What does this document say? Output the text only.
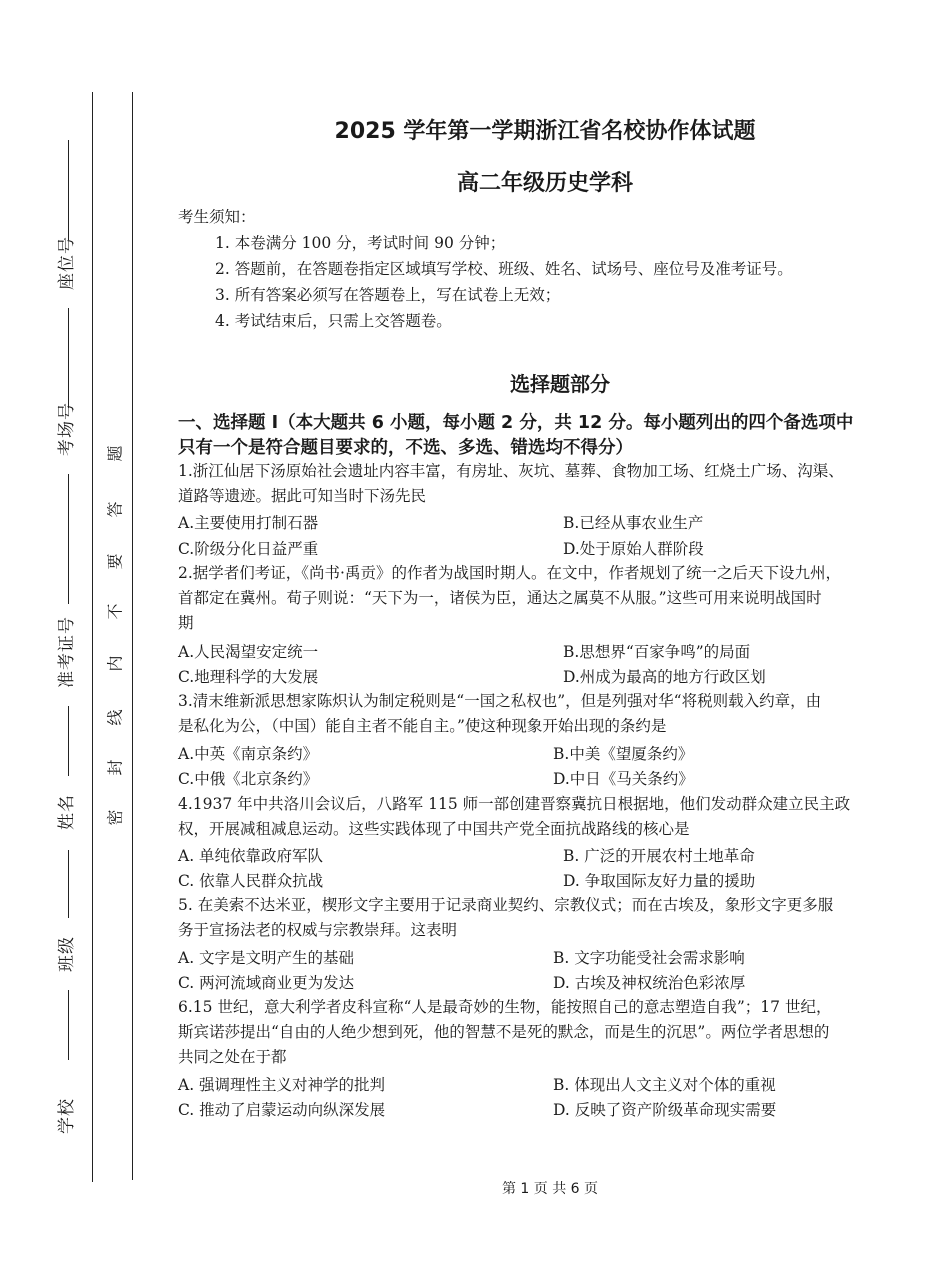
座位号
考场号
准考证号
姓名
班级
学校
题
答
要
不
内
线
封
密
2025 学年第一学期浙江省名校协作体试题
高二年级历史学科
考生须知：
1. 本卷满分 100 分，考试时间 90 分钟；
2. 答题前，在答题卷指定区域填写学校、班级、姓名、试场号、座位号及准考证号。
3. 所有答案必须写在答题卷上，写在试卷上无效；
4. 考试结束后，只需上交答题卷。
选择题部分
一、选择题 I（本大题共 6 小题，每小题 2 分，共 12 分。每小题列出的四个备选项中
只有一个是符合题目要求的，不选、多选、错选均不得分）
1.浙江仙居下汤原始社会遗址内容丰富，有房址、灰坑、墓葬、食物加工场、红烧土广场、沟渠、
道路等遗迹。据此可知当时下汤先民
A.主要使用打制石器	B.已经从事农业生产
C.阶级分化日益严重	D.处于原始人群阶段
2.据学者们考证，《尚书·禹贡》的作者为战国时期人。在文中，作者规划了统一之后天下设九州，
首都定在冀州。荀子则说：“天下为一，诸侯为臣，通达之属莫不从服。”这些可用来说明战国时
期
A.人民渴望安定统一	B.思想界“百家争鸣”的局面
C.地理科学的大发展	D.州成为最高的地方行政区划
3.清末维新派思想家陈炽认为制定税则是“一国之私权也”，但是列强对华“将税则载入约章，由
是私化为公，（中国）能自主者不能自主。”使这种现象开始出现的条约是
A.中英《南京条约》	B.中美《望厦条约》
C.中俄《北京条约》	D.中日《马关条约》
4.1937 年中共洛川会议后，八路军 115 师一部创建晋察冀抗日根据地，他们发动群众建立民主政
权，开展减租减息运动。这些实践体现了中国共产党全面抗战路线的核心是
A. 单纯依靠政府军队	B. 广泛的开展农村土地革命
C. 依靠人民群众抗战	D. 争取国际友好力量的援助
5. 在美索不达米亚，楔形文字主要用于记录商业契约、宗教仪式；而在古埃及，象形文字更多服
务于宣扬法老的权威与宗教崇拜。这表明
A. 文字是文明产生的基础	B. 文字功能受社会需求影响
C. 两河流域商业更为发达	D. 古埃及神权统治色彩浓厚
6.15 世纪，意大利学者皮科宣称“人是最奇妙的生物，能按照自己的意志塑造自我”；17 世纪，
斯宾诺莎提出“自由的人绝少想到死，他的智慧不是死的默念，而是生的沉思”。两位学者思想的
共同之处在于都
A. 强调理性主义对神学的批判	B. 体现出人文主义对个体的重视
C. 推动了启蒙运动向纵深发展	D. 反映了资产阶级革命现实需要
第 1 页 共 6 页
